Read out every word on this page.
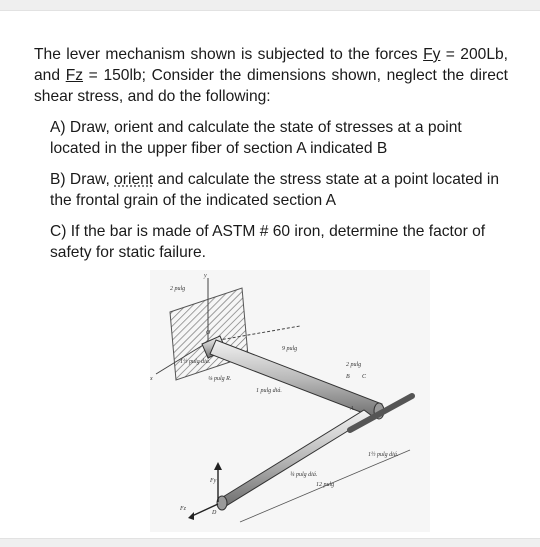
The lever mechanism shown is subjected to the forces Fy = 200Lb, and Fz = 150lb; Consider the dimensions shown, neglect the direct shear stress, and do the following:

A) Draw, orient and calculate the state of stresses at a point located in the upper fiber of section A indicated B

B) Draw, orient and calculate the stress state at a point located in the frontal grain of the indicated section A

C) If the bar is made of ASTM # 60 iron, determine the factor of safety for static failure.

2 pulg
y
x
O
1½ pulg diá.
⅛ pulg R.
9 pulg
1 pulg diá.
2 pulg
B C
A
1½ pulg diá.
¾ pulg diá.
12 pulg
Fy
Fz
D
